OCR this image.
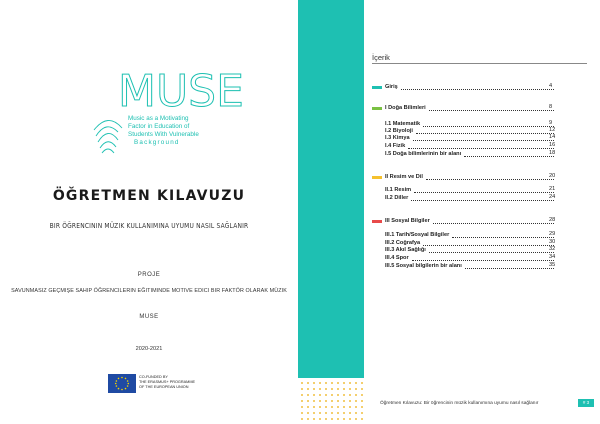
MUSE
Music as a Motivating
Factor in Education of
Students With Vulnerable
Background
ÖĞRETMEN KILAVUZU
BIR ÖĞRENCININ MÜZIK KULLANIMINA UYUMU NASIL SAĞLANIR
PROJE
SAVUNMASIZ GEÇMIŞE SAHIP ÖĞRENCILERIN EĞITIMINDE MOTIVE EDICI BIR FAKTÖR OLARAK MÜZIK
MUSE
2020-2021
CO-FUNDED BY
THE ERASMUS+ PROGRAMME
OF THE EUROPEAN UNION
İçerik
Giriş	4
I Doğa Bilimleri	8
I.1 Matematik	9
I.2 Biyoloji	12
I.3 Kimya	14
I.4 Fizik	16
I.5 Doğa bilimlerinin bir alanı	18
II Resim ve Dil	20
II.1 Resim	21
II.2 Diller	24
III Sosyal Bilgiler	28
III.1 Tarih/Sosyal Bilgiler	29
III.2 Coğrafya	30
III.3 Akıl Sağlığı	32
III.4 Spor	34
III.5 Sosyal bilgilerin bir alanı	35
Öğretmen Kılavuzu: Bir öğrencinin müzik kullanımına uyumu nasıl sağlanır	# 3
